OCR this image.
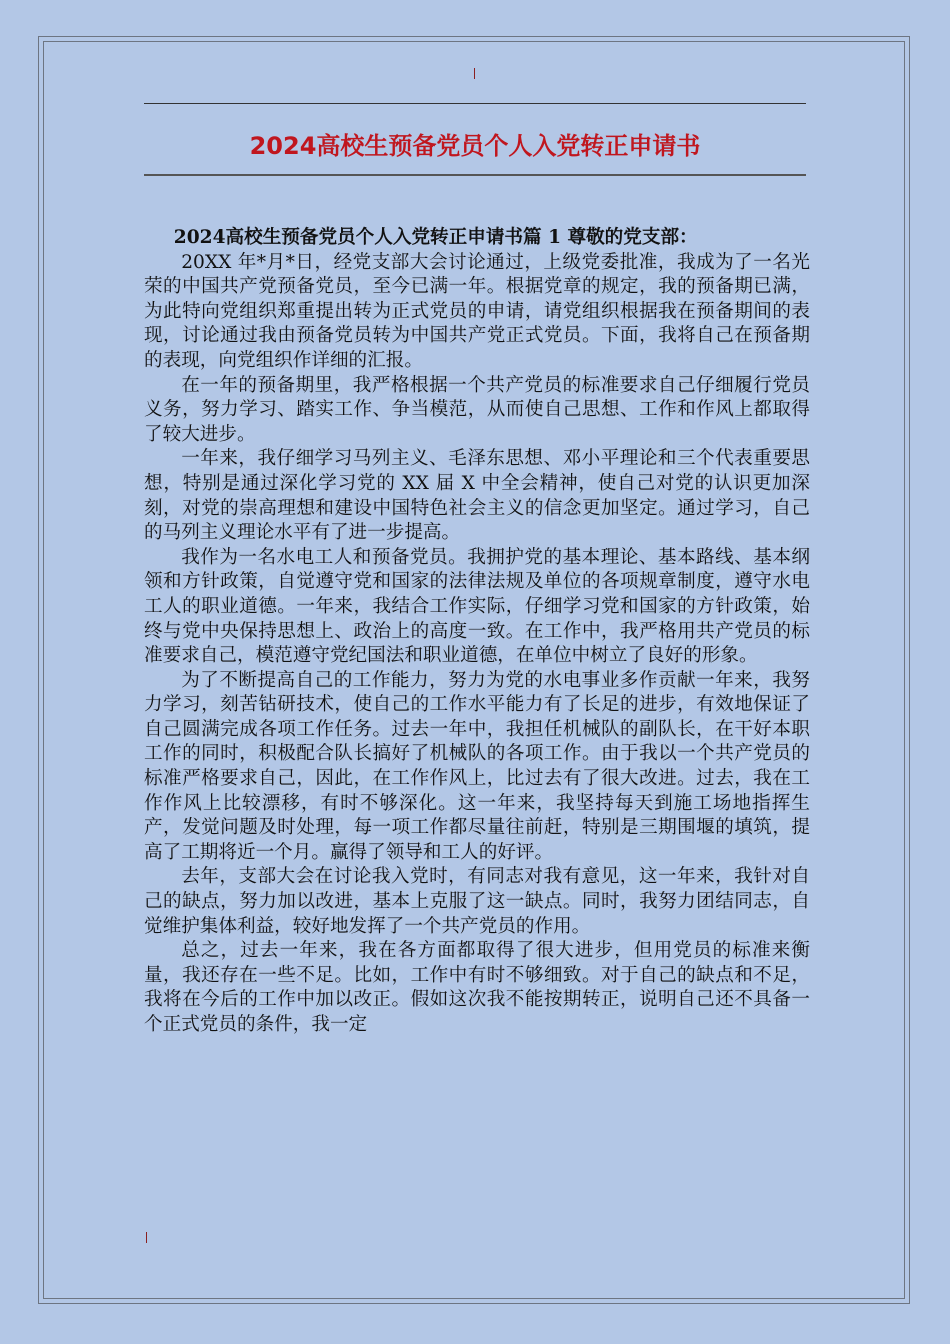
2024高校生预备党员个人入党转正申请书

2024高校生预备党员个人入党转正申请书篇 1 尊敬的党支部：

20XX 年*月*日，经党支部大会讨论通过，上级党委批准，我成为了一名光荣的中国共产党预备党员，至今已满一年。根据党章的规定，我的预备期已满，为此特向党组织郑重提出转为正式党员的申请，请党组织根据我在预备期间的表现，讨论通过我由预备党员转为中国共产党正式党员。下面，我将自己在预备期的表现，向党组织作详细的汇报。

在一年的预备期里，我严格根据一个共产党员的标准要求自己仔细履行党员义务，努力学习、踏实工作、争当模范，从而使自己思想、工作和作风上都取得了较大进步。

一年来，我仔细学习马列主义、毛泽东思想、邓小平理论和三个代表重要思想，特别是通过深化学习党的 XX 届 X 中全会精神，使自己对党的认识更加深刻，对党的崇高理想和建设中国特色社会主义的信念更加坚定。通过学习，自己的马列主义理论水平有了进一步提高。

我作为一名水电工人和预备党员。我拥护党的基本理论、基本路线、基本纲领和方针政策，自觉遵守党和国家的法律法规及单位的各项规章制度，遵守水电工人的职业道德。一年来，我结合工作实际，仔细学习党和国家的方针政策，始终与党中央保持思想上、政治上的高度一致。在工作中，我严格用共产党员的标准要求自己，模范遵守党纪国法和职业道德，在单位中树立了良好的形象。

为了不断提高自己的工作能力，努力为党的水电事业多作贡献一年来，我努力学习，刻苦钻研技术，使自己的工作水平能力有了长足的进步，有效地保证了自己圆满完成各项工作任务。过去一年中，我担任机械队的副队长，在干好本职工作的同时，积极配合队长搞好了机械队的各项工作。由于我以一个共产党员的标准严格要求自己，因此，在工作作风上，比过去有了很大改进。过去，我在工作作风上比较漂移，有时不够深化。这一年来，我坚持每天到施工场地指挥生产，发觉问题及时处理，每一项工作都尽量往前赶，特别是三期围堰的填筑，提高了工期将近一个月。赢得了领导和工人的好评。

去年，支部大会在讨论我入党时，有同志对我有意见，这一年来，我针对自己的缺点，努力加以改进，基本上克服了这一缺点。同时，我努力团结同志，自觉维护集体利益，较好地发挥了一个共产党员的作用。

总之，过去一年来，我在各方面都取得了很大进步，但用党员的标准来衡量，我还存在一些不足。比如，工作中有时不够细致。对于自己的缺点和不足，我将在今后的工作中加以改正。假如这次我不能按期转正，说明自己还不具备一个正式党员的条件，我一定
